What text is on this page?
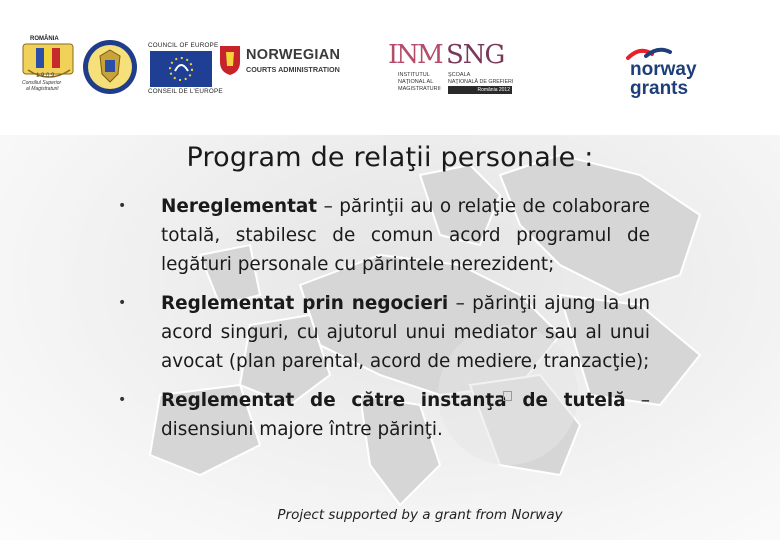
ROMÂNIA
1 9 0 9
Consiliul Superior
al Magistraturii
COUNCIL OF EUROPE
CONSEIL DE L'EUROPE
NORWEGIAN
COURTS ADMINISTRATION INM
INSTITUTUL
NAŢIONAL AL
MAGISTRATURII
SNG
ŞCOALA
NAŢIONALĂ DE GREFIERI
România 2012
norway
grants
Program de relaţii personale :
• Nereglementat – părinţii au o relaţie de colaborare totală, stabilesc de comun acord programul de legături personale cu părintele nerezident;
• Reglementat prin negocieri – părinţii ajung la un acord singuri, cu ajutorul unui mediator sau al unui avocat (plan parental, acord de mediere, tranzacţie);
• Reglementat de către instanţa de tutelă – disensiuni majore între părinţi.
Project supported by a grant from Norway
